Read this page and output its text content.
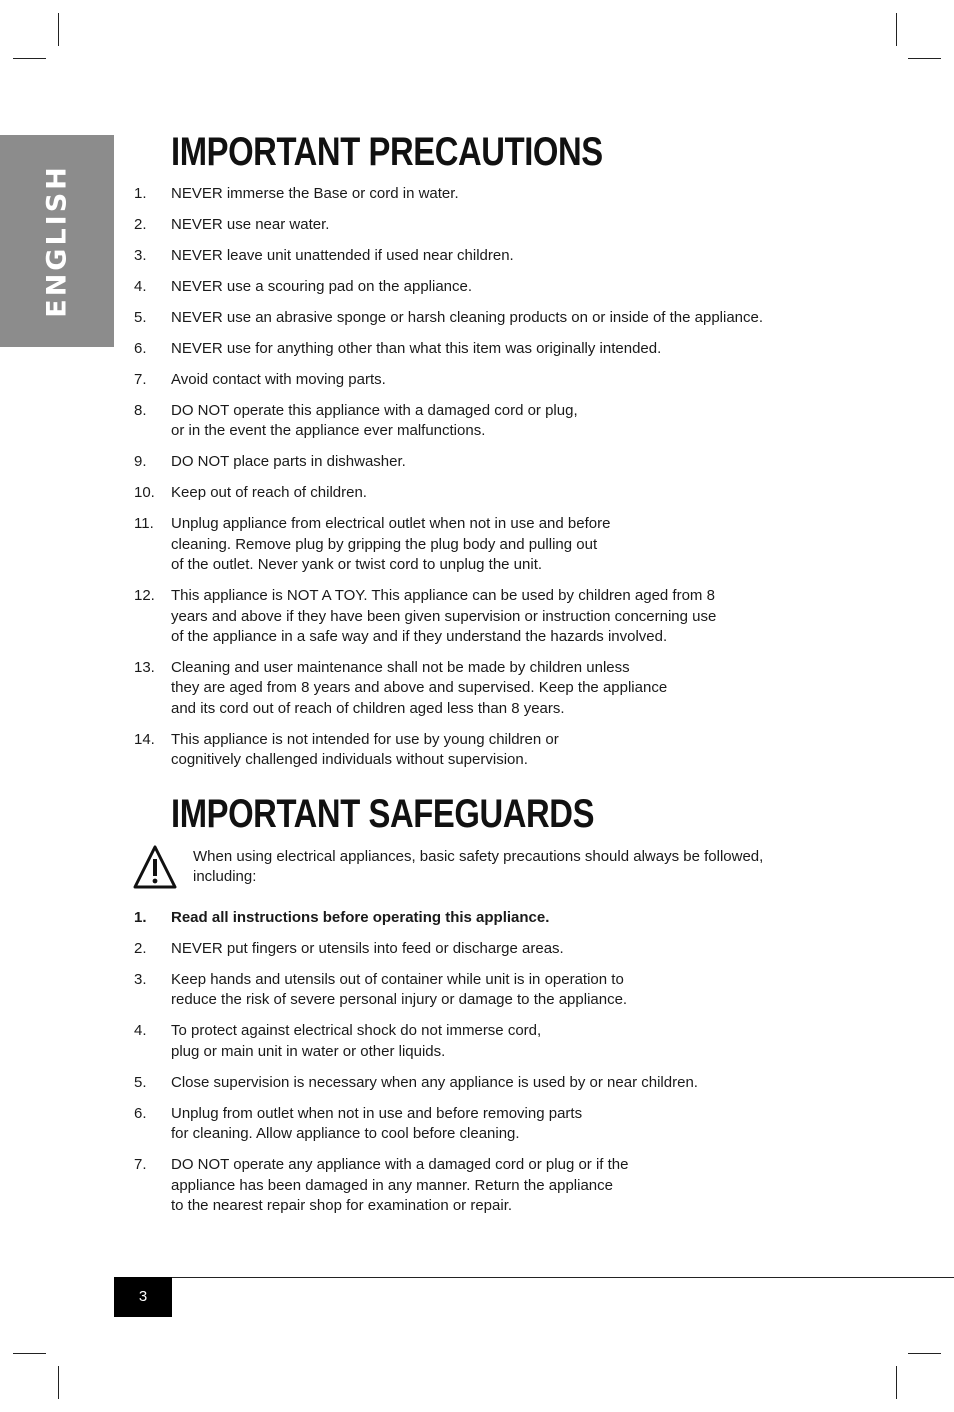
ENGLISH
IMPORTANT PRECAUTIONS
1. NEVER immerse the Base or cord in water.
2. NEVER use near water.
3. NEVER leave unit unattended if used near children.
4. NEVER use a scouring pad on the appliance.
5. NEVER use an abrasive sponge or harsh cleaning products on or inside of the appliance.
6. NEVER use for anything other than what this item was originally intended.
7. Avoid contact with moving parts.
8. DO NOT operate this appliance with a damaged cord or plug,
or in the event the appliance ever malfunctions.
9. DO NOT place parts in dishwasher.
10. Keep out of reach of children.
11. Unplug appliance from electrical outlet when not in use and before
cleaning. Remove plug by gripping the plug body and pulling out
of the outlet. Never yank or twist cord to unplug the unit.
12. This appliance is NOT A TOY. This appliance can be used by children aged from 8
years and above if they have been given supervision or instruction concerning use
of the appliance in a safe way and if they understand the hazards involved.
13. Cleaning and user maintenance shall not be made by children unless
they are aged from 8 years and above and supervised. Keep the appliance
and its cord out of reach of children aged less than 8 years.
14. This appliance is not intended for use by young children or
cognitively challenged individuals without supervision.
IMPORTANT SAFEGUARDS

When using electrical appliances, basic safety precautions should always be followed, including:

1. Read all instructions before operating this appliance.
2. NEVER put fingers or utensils into feed or discharge areas.
3. Keep hands and utensils out of container while unit is in operation to
reduce the risk of severe personal injury or damage to the appliance.
4. To protect against electrical shock do not immerse cord,
plug or main unit in water or other liquids.
5. Close supervision is necessary when any appliance is used by or near children.
6. Unplug from outlet when not in use and before removing parts
for cleaning. Allow appliance to cool before cleaning.
7. DO NOT operate any appliance with a damaged cord or plug or if the
appliance has been damaged in any manner. Return the appliance
to the nearest repair shop for examination or repair.
3
